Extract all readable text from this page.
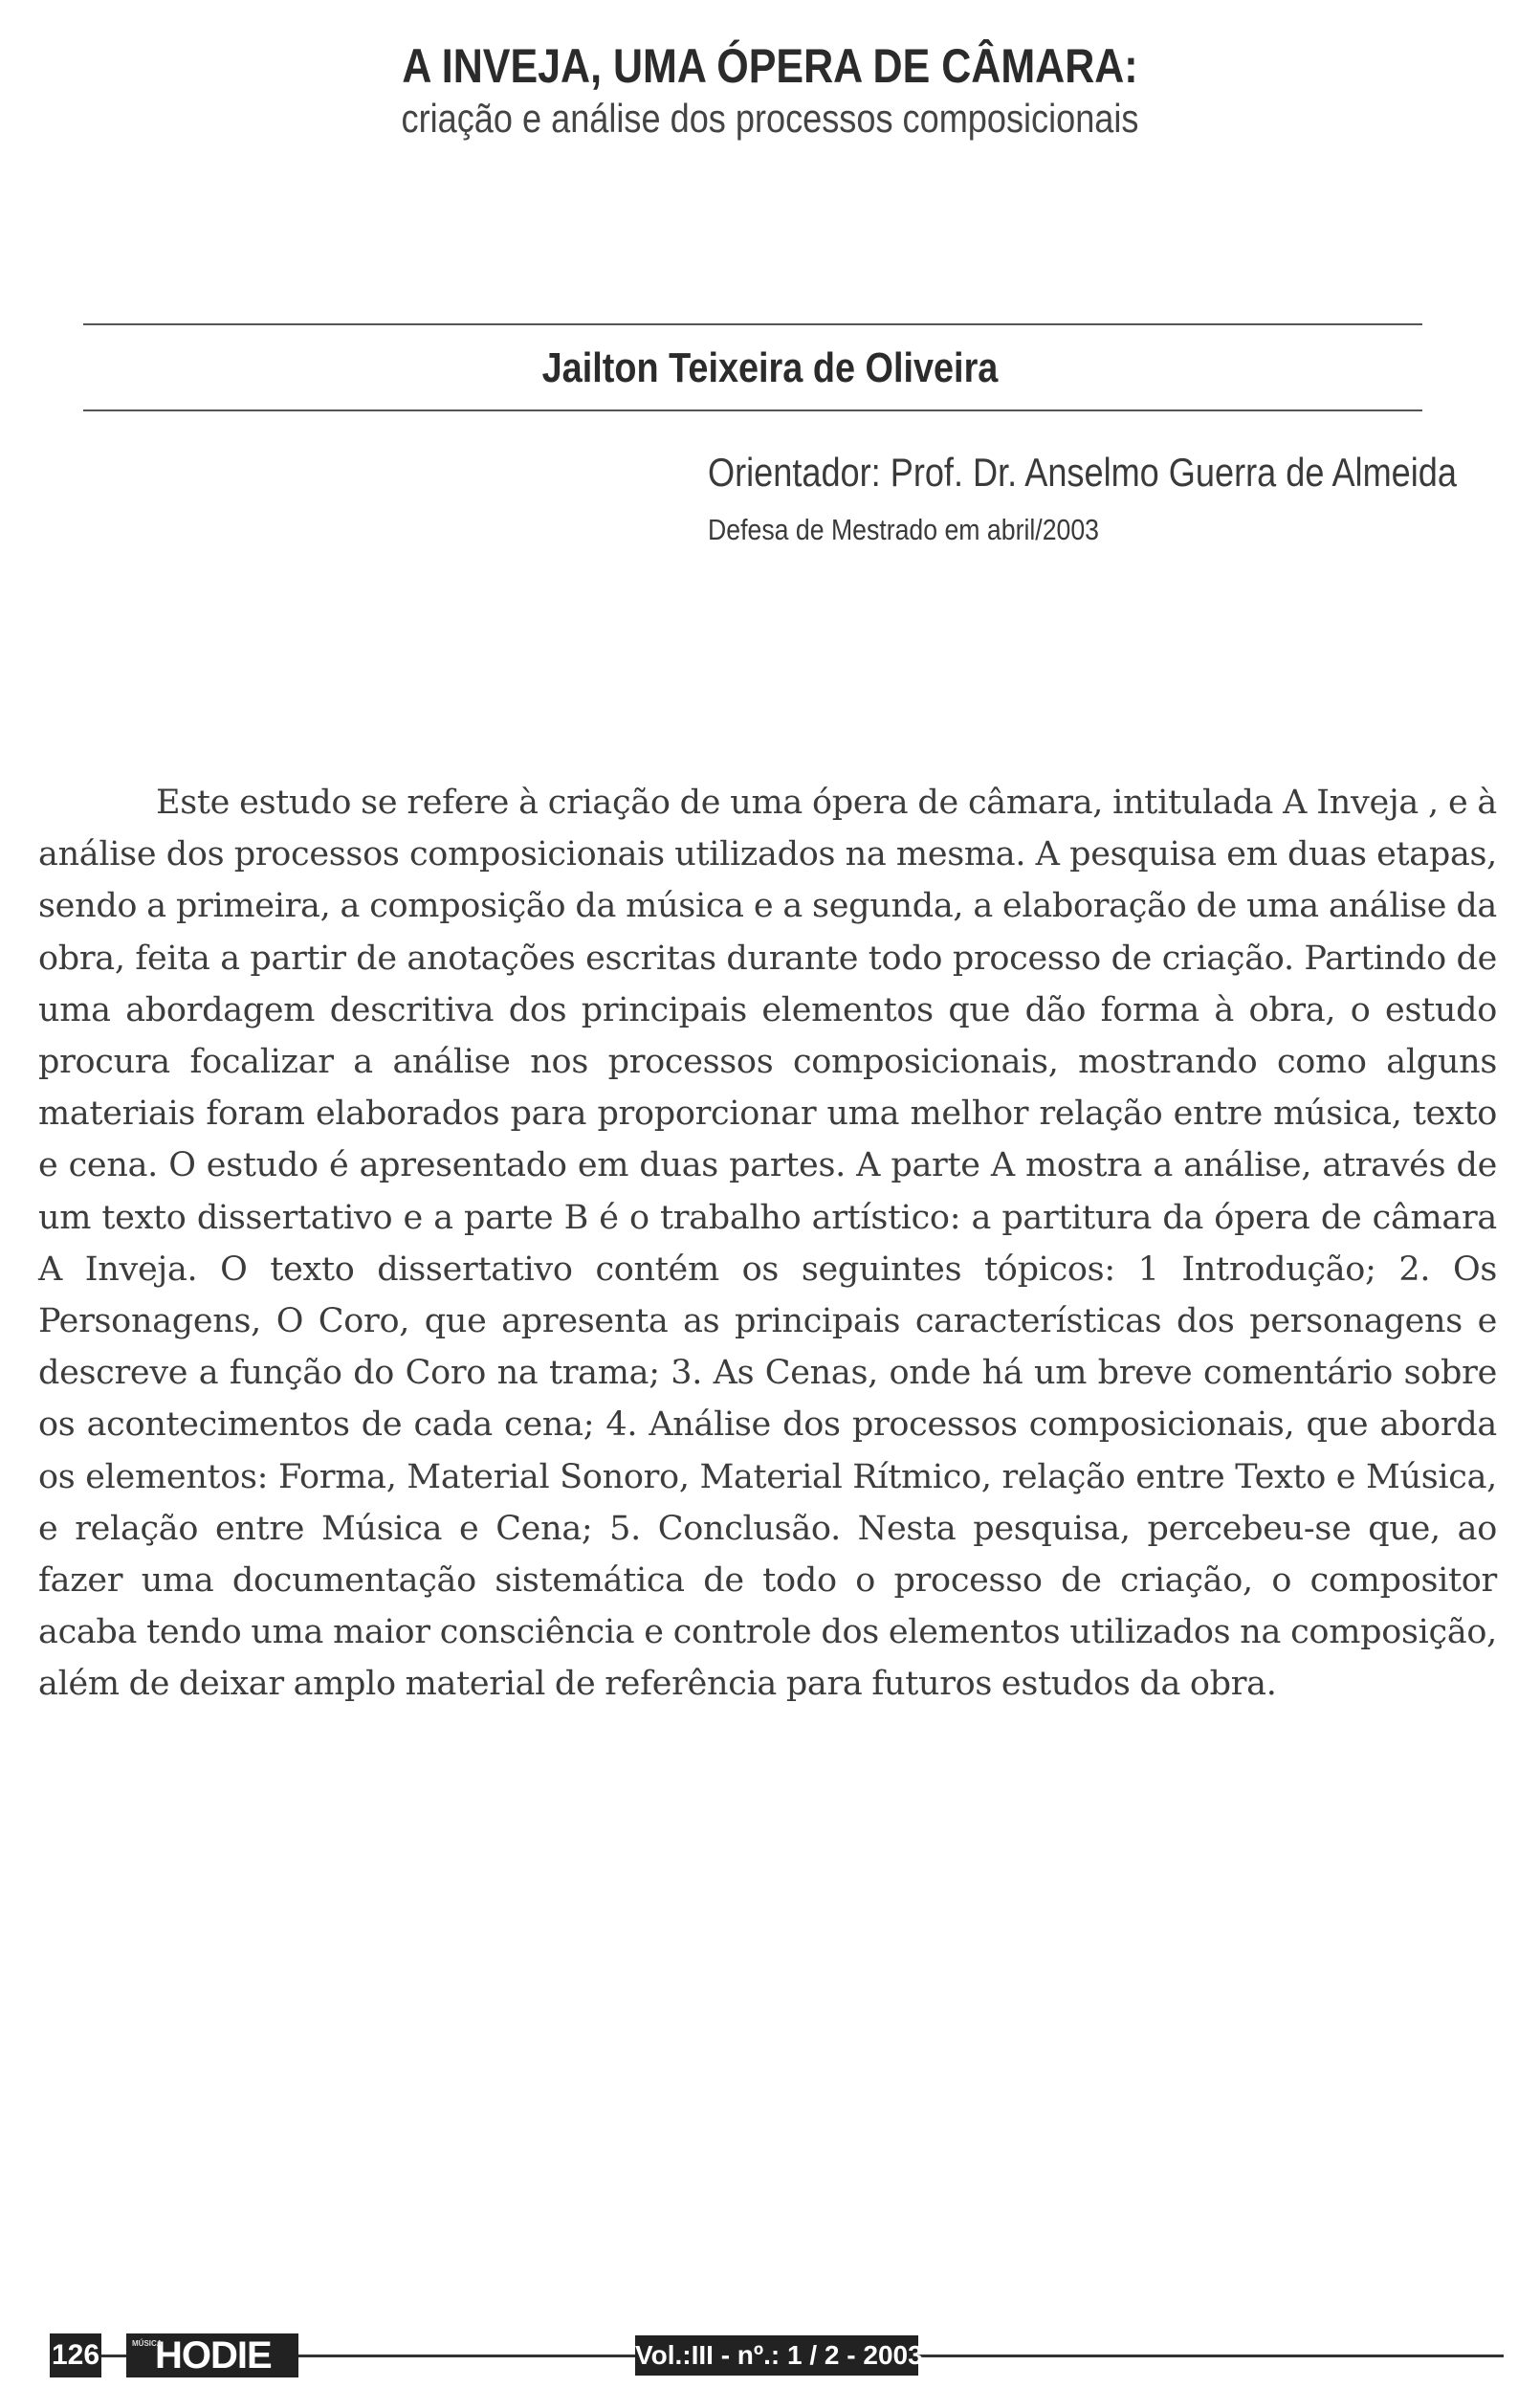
A INVEJA, UMA ÓPERA DE CÂMARA:
criação e análise dos processos composicionais
Jailton Teixeira de Oliveira
Orientador: Prof. Dr. Anselmo Guerra de Almeida
Defesa de Mestrado em abril/2003

Este estudo se refere à criação de uma ópera de câmara, intitulada A Inveja , e à análise dos processos composicionais utilizados na mesma. A pesquisa em duas etapas, sendo a primeira, a composição da música e a segunda, a elaboração de uma análise da obra, feita a partir de anotações escritas durante todo processo de criação. Partindo de uma abordagem descritiva dos principais elementos que dão forma à obra, o estudo procura focalizar a análise nos processos composicionais, mostrando como alguns materiais foram elaborados para proporcionar uma melhor relação entre música, texto e cena. O estudo é apresentado em duas partes. A parte A mostra a análise, através de um texto dissertativo e a parte B é o trabalho artístico: a partitura da ópera de câmara A Inveja. O texto dissertativo contém os seguintes tópicos: 1 Introdução; 2. Os Personagens, O Coro, que apresenta as principais características dos personagens e descreve a função do Coro na trama; 3. As Cenas, onde há um breve comentário sobre os acontecimentos de cada cena; 4. Análise dos processos composicionais, que aborda os elementos: Forma, Material Sonoro, Material Rítmico, relação entre Texto e Música, e relação entre Música e Cena; 5. Conclusão. Nesta pesquisa, percebeu-se que, ao fazer uma documentação sistemática de todo o processo de criação, o compositor acaba tendo uma maior consciência e controle dos elementos utilizados na composição, além de deixar amplo material de referência para futuros estudos da obra.

126	MÚSICA
HODIE	Vol.:III - nº.: 1 / 2 - 2003
